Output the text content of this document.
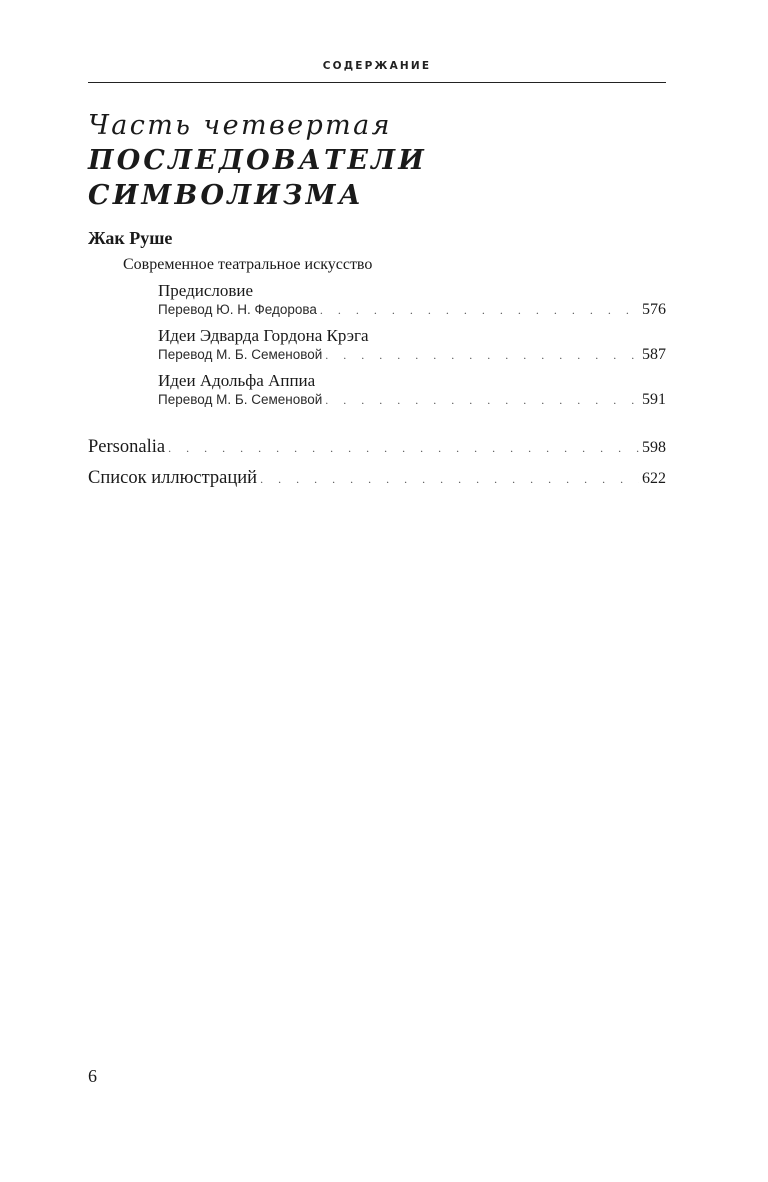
СОДЕРЖАНИЕ
Часть четвертая
ПОСЛЕДОВАТЕЛИ
СИМВОЛИЗМА
Жак Руше
Современное театральное искусство
Предисловие
Перевод Ю. Н. Федорова . . .	576
Идеи Эдварда Гордона Крэга
Перевод М. Б. Семеновой . . .	587
Идеи Адольфа Аппиа
Перевод М. Б. Семеновой . . .	591
Personalia . . .	598
Список иллюстраций . . .	622
6
